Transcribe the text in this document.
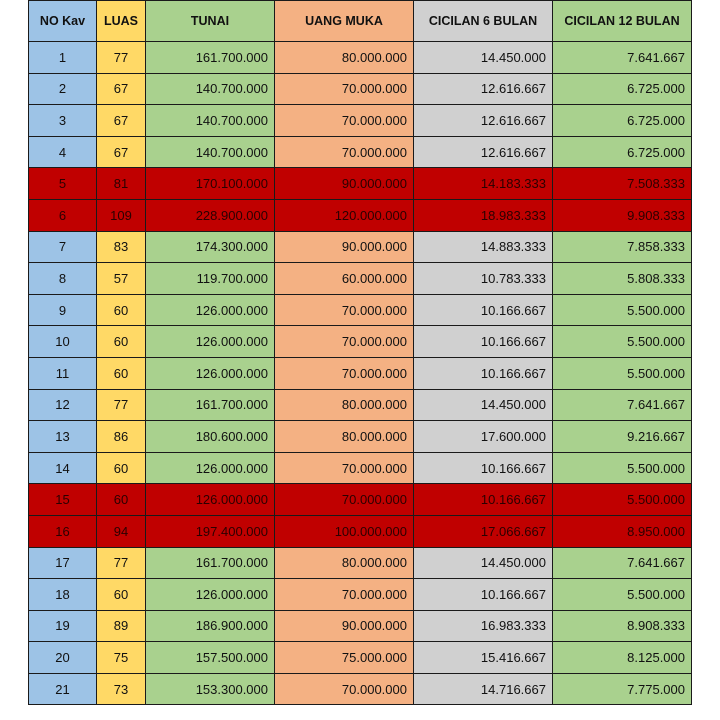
NO Kav	LUAS	TUNAI	UANG MUKA	CICILAN 6 BULAN	CICILAN 12 BULAN
1	77	161.700.000	80.000.000	14.450.000	7.641.667
2	67	140.700.000	70.000.000	12.616.667	6.725.000
3	67	140.700.000	70.000.000	12.616.667	6.725.000
4	67	140.700.000	70.000.000	12.616.667	6.725.000
5	81	170.100.000	90.000.000	14.183.333	7.508.333
6	109	228.900.000	120.000.000	18.983.333	9.908.333
7	83	174.300.000	90.000.000	14.883.333	7.858.333
8	57	119.700.000	60.000.000	10.783.333	5.808.333
9	60	126.000.000	70.000.000	10.166.667	5.500.000
10	60	126.000.000	70.000.000	10.166.667	5.500.000
11	60	126.000.000	70.000.000	10.166.667	5.500.000
12	77	161.700.000	80.000.000	14.450.000	7.641.667
13	86	180.600.000	80.000.000	17.600.000	9.216.667
14	60	126.000.000	70.000.000	10.166.667	5.500.000
15	60	126.000.000	70.000.000	10.166.667	5.500.000
16	94	197.400.000	100.000.000	17.066.667	8.950.000
17	77	161.700.000	80.000.000	14.450.000	7.641.667
18	60	126.000.000	70.000.000	10.166.667	5.500.000
19	89	186.900.000	90.000.000	16.983.333	8.908.333
20	75	157.500.000	75.000.000	15.416.667	8.125.000
21	73	153.300.000	70.000.000	14.716.667	7.775.000
